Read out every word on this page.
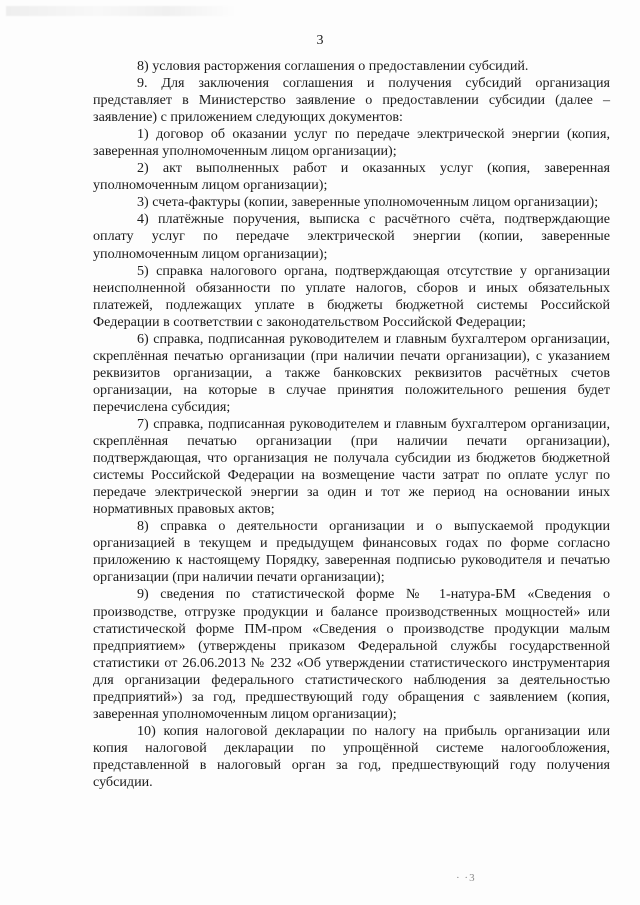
3

8) условия расторжения соглашения о предоставлении субсидий.

9. Для заключения соглашения и получения субсидий организация представляет в Министерство заявление о предоставлении субсидии (далее – заявление) с приложением следующих документов:

1) договор об оказании услуг по передаче электрической энергии (копия, заверенная уполномоченным лицом организации);

2) акт выполненных работ и оказанных услуг (копия, заверенная уполномоченным лицом организации);

3) счета-фактуры (копии, заверенные уполномоченным лицом организации);

4) платёжные поручения, выписка с расчётного счёта, подтверждающие оплату услуг по передаче электрической энергии (копии, заверенные уполномоченным лицом организации);

5) справка налогового органа, подтверждающая отсутствие у организации неисполненной обязанности по уплате налогов, сборов и иных обязательных платежей, подлежащих уплате в бюджеты бюджетной системы Российской Федерации в соответствии с законодательством Российской Федерации;

6) справка, подписанная руководителем и главным бухгалтером организации, скреплённая печатью организации (при наличии печати организации), с указанием реквизитов организации, а также банковских реквизитов расчётных счетов организации, на которые в случае принятия положительного решения будет перечислена субсидия;

7) справка, подписанная руководителем и главным бухгалтером организации, скреплённая печатью организации (при наличии печати организации), подтверждающая, что организация не получала субсидии из бюджетов бюджетной системы Российской Федерации на возмещение части затрат по оплате услуг по передаче электрической энергии за один и тот же период на основании иных нормативных правовых актов;

8) справка о деятельности организации и о выпускаемой продукции организацией в текущем и предыдущем финансовых годах по форме согласно приложению к настоящему Порядку, заверенная подписью руководителя и печатью организации (при наличии печати организации);

9) сведения по статистической форме № 1-натура-БМ «Сведения о производстве, отгрузке продукции и балансе производственных мощностей» или статистической форме ПМ-пром «Сведения о производстве продукции малым предприятием» (утверждены приказом Федеральной службы государственной статистики от 26.06.2013 № 232 «Об утверждении статистического инструментария для организации федерального статистического наблюдения за деятельностью предприятий») за год, предшествующий году обращения с заявлением (копия, заверенная уполномоченным лицом организации);

10) копия налоговой декларации по налогу на прибыль организации или копия налоговой декларации по упрощённой системе налогообложения, представленной в налоговый орган за год, предшествующий году получения субсидии.

· ·3
